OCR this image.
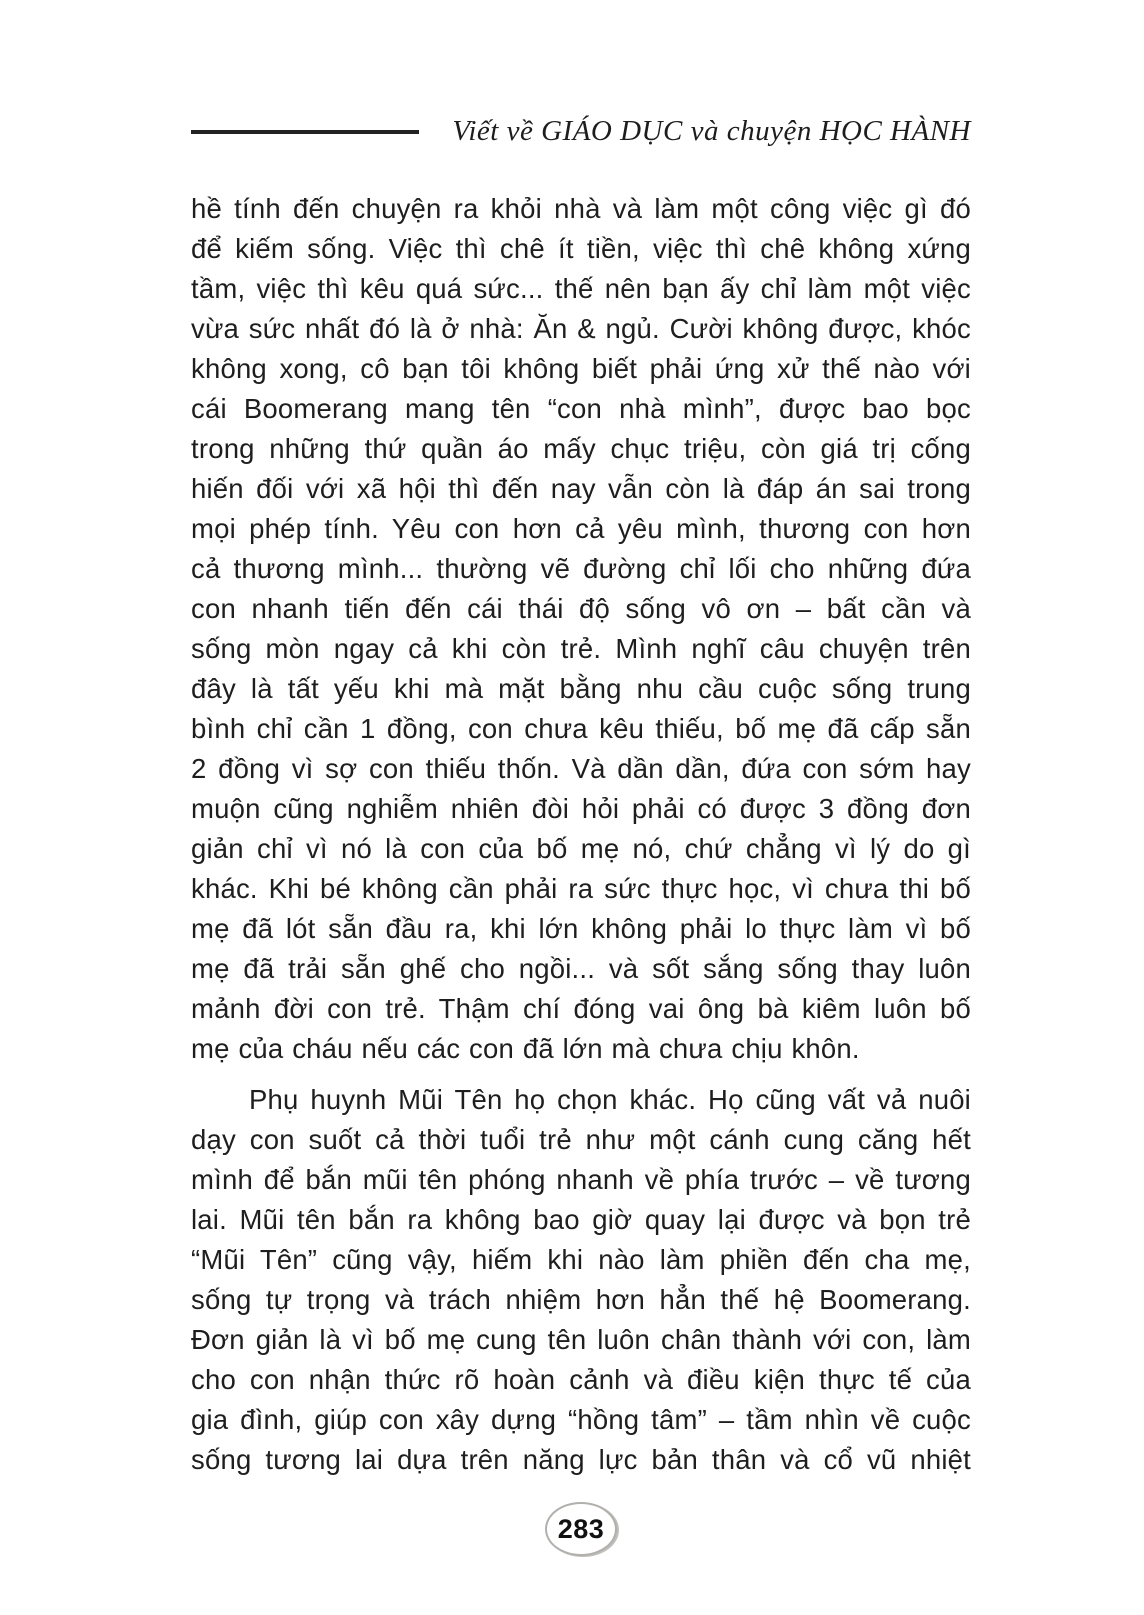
Viết về GIÁO DỤC và chuyện HỌC HÀNH

hề tính đến chuyện ra khỏi nhà và làm một công việc gì đó
để kiếm sống. Việc thì chê ít tiền, việc thì chê không xứng
tầm, việc thì kêu quá sức... thế nên bạn ấy chỉ làm một việc
vừa sức nhất đó là ở nhà: Ăn & ngủ. Cười không được, khóc
không xong, cô bạn tôi không biết phải ứng xử thế nào với
cái Boomerang mang tên “con nhà mình”, được bao bọc
trong những thứ quần áo mấy chục triệu, còn giá trị cống
hiến đối với xã hội thì đến nay vẫn còn là đáp án sai trong
mọi phép tính. Yêu con hơn cả yêu mình, thương con hơn
cả thương mình... thường vẽ đường chỉ lối cho những đứa
con nhanh tiến đến cái thái độ sống vô ơn – bất cần và
sống mòn ngay cả khi còn trẻ. Mình nghĩ câu chuyện trên
đây là tất yếu khi mà mặt bằng nhu cầu cuộc sống trung
bình chỉ cần 1 đồng, con chưa kêu thiếu, bố mẹ đã cấp sẵn
2 đồng vì sợ con thiếu thốn. Và dần dần, đứa con sớm hay
muộn cũng nghiễm nhiên đòi hỏi phải có được 3 đồng đơn
giản chỉ vì nó là con của bố mẹ nó, chứ chẳng vì lý do gì
khác. Khi bé không cần phải ra sức thực học, vì chưa thi bố
mẹ đã lót sẵn đầu ra, khi lớn không phải lo thực làm vì bố
mẹ đã trải sẵn ghế cho ngồi... và sốt sắng sống thay luôn
mảnh đời con trẻ. Thậm chí đóng vai ông bà kiêm luôn bố
mẹ của cháu nếu các con đã lớn mà chưa chịu khôn.

Phụ huynh Mũi Tên họ chọn khác. Họ cũng vất vả nuôi
dạy con suốt cả thời tuổi trẻ như một cánh cung căng hết
mình để bắn mũi tên phóng nhanh về phía trước – về tương
lai. Mũi tên bắn ra không bao giờ quay lại được và bọn trẻ
“Mũi Tên” cũng vậy, hiếm khi nào làm phiền đến cha mẹ,
sống tự trọng và trách nhiệm hơn hẳn thế hệ Boomerang.
Đơn giản là vì bố mẹ cung tên luôn chân thành với con, làm
cho con nhận thức rõ hoàn cảnh và điều kiện thực tế của
gia đình, giúp con xây dựng “hồng tâm” – tầm nhìn về cuộc
sống tương lai dựa trên năng lực bản thân và cổ vũ nhiệt

283
